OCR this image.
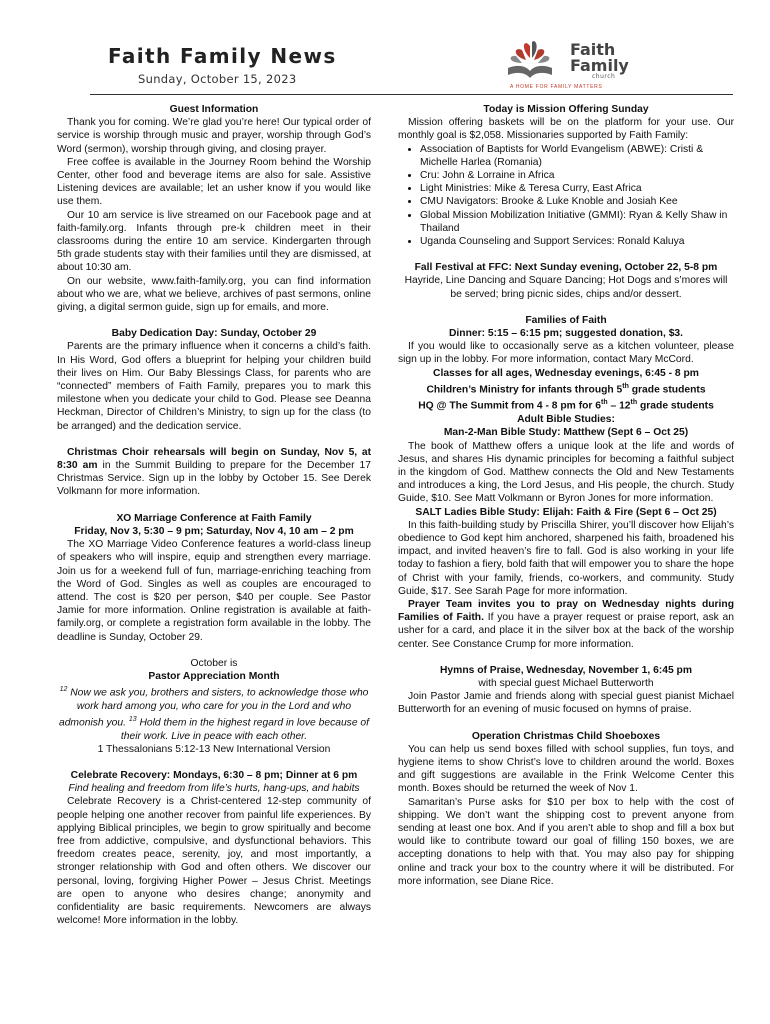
Faith Family News
Sunday, October 15, 2023
Faith
Family
church
A HOME FOR FAMILY MATTERS

Guest Information

Thank you for coming. We’re glad you’re here! Our typical order of service is worship through music and prayer, worship through God’s Word (sermon), worship through giving, and closing prayer.

Free coffee is available in the Journey Room behind the Worship Center, other food and beverage items are also for sale. Assistive Listening devices are available; let an usher know if you would like use them.

Our 10 am service is live streamed on our Facebook page and at faith-family.org. Infants through pre-k children meet in their classrooms during the entire 10 am service. Kindergarten through 5th grade students stay with their families until they are dismissed, at about 10:30 am.

On our website, www.faith-family.org, you can find information about who we are, what we believe, archives of past sermons, online giving, a digital sermon guide, sign up for emails, and more.

Baby Dedication Day: Sunday, October 29

Parents are the primary influence when it concerns a child’s faith. In His Word, God offers a blueprint for helping your children build their lives on Him. Our Baby Blessings Class, for parents who are “connected” members of Faith Family, prepares you to mark this milestone when you dedicate your child to God. Please see Deanna Heckman, Director of Children’s Ministry, to sign up for the class (to be arranged) and the dedication service.

Christmas Choir rehearsals will begin on Sunday, Nov 5, at 8:30 am in the Summit Building to prepare for the December 17 Christmas Service. Sign up in the lobby by October 15. See Derek Volkmann for more information.

XO Marriage Conference at Faith Family

Friday, Nov 3, 5:30 – 9 pm; Saturday, Nov 4, 10 am – 2 pm

The XO Marriage Video Conference features a world-class lineup of speakers who will inspire, equip and strengthen every marriage. Join us for a weekend full of fun, marriage-enriching teaching from the Word of God. Singles as well as couples are encouraged to attend. The cost is $20 per person, $40 per couple. See Pastor Jamie for more information. Online registration is available at faith-family.org, or complete a registration form available in the lobby. The deadline is Sunday, October 29.

October is

Pastor Appreciation Month

$^{12}$ Now we ask you, brothers and sisters, to acknowledge those who work hard among you, who care for you in the Lord and who admonish you. $^{13}$ Hold them in the highest regard in love because of their work. Live in peace with each other.

1 Thessalonians 5:12-13 New International Version

Celebrate Recovery: Mondays, 6:30 – 8 pm; Dinner at 6 pm

Find healing and freedom from life’s hurts, hang-ups, and habits

Celebrate Recovery is a Christ-centered 12-step community of people helping one another recover from painful life experiences. By applying Biblical principles, we begin to grow spiritually and become free from addictive, compulsive, and dysfunctional behaviors. This freedom creates peace, serenity, joy, and most importantly, a stronger relationship with God and often others. We discover our personal, loving, forgiving Higher Power – Jesus Christ. Meetings are open to anyone who desires change; anonymity and confidentiality are basic requirements. Newcomers are always welcome! More information in the lobby.

Today is Mission Offering Sunday

Mission offering baskets will be on the platform for your use. Our monthly goal is $2,058. Missionaries supported by Faith Family:

• Association of Baptists for World Evangelism (ABWE): Cristi & Michelle Harlea (Romania)
• Cru: John & Lorraine in Africa
• Light Ministries: Mike & Teresa Curry, East Africa
• CMU Navigators: Brooke & Luke Knoble and Josiah Kee
• Global Mission Mobilization Initiative (GMMI): Ryan & Kelly Shaw in Thailand
• Uganda Counseling and Support Services: Ronald Kaluya

Fall Festival at FFC: Next Sunday evening, October 22, 5-8 pm

Hayride, Line Dancing and Square Dancing; Hot Dogs and s’mores will be served; bring picnic sides, chips and/or dessert.

Families of Faith

Dinner: 5:15 – 6:15 pm; suggested donation, $3.

If you would like to occasionally serve as a kitchen volunteer, please sign up in the lobby. For more information, contact Mary McCord.

Classes for all ages, Wednesday evenings, 6:45 - 8 pm

Children’s Ministry for infants through 5th grade students

HQ @ The Summit from 4 - 8 pm for 6th – 12th grade students

Adult Bible Studies:

Man-2-Man Bible Study: Matthew (Sept 6 – Oct 25)

The book of Matthew offers a unique look at the life and words of Jesus, and shares His dynamic principles for becoming a faithful subject in the kingdom of God. Matthew connects the Old and New Testaments and introduces a king, the Lord Jesus, and His people, the church. Study Guide, $10. See Matt Volkmann or Byron Jones for more information.

SALT Ladies Bible Study: Elijah: Faith & Fire (Sept 6 – Oct 25)

In this faith-building study by Priscilla Shirer, you’ll discover how Elijah’s obedience to God kept him anchored, sharpened his faith, broadened his impact, and invited heaven’s fire to fall. God is also working in your life today to fashion a fiery, bold faith that will empower you to share the hope of Christ with your family, friends, co-workers, and community. Study Guide, $17. See Sarah Page for more information.

Prayer Team invites you to pray on Wednesday nights during Families of Faith. If you have a prayer request or praise report, ask an usher for a card, and place it in the silver box at the back of the worship center. See Constance Crump for more information.

Hymns of Praise, Wednesday, November 1, 6:45 pm

with special guest Michael Butterworth

Join Pastor Jamie and friends along with special guest pianist Michael Butterworth for an evening of music focused on hymns of praise.

Operation Christmas Child Shoeboxes

You can help us send boxes filled with school supplies, fun toys, and hygiene items to show Christ’s love to children around the world. Boxes and gift suggestions are available in the Frink Welcome Center this month. Boxes should be returned the week of Nov 1.

Samaritan’s Purse asks for $10 per box to help with the cost of shipping. We don’t want the shipping cost to prevent anyone from sending at least one box. And if you aren’t able to shop and fill a box but would like to contribute toward our goal of filling 150 boxes, we are accepting donations to help with that. You may also pay for shipping online and track your box to the country where it will be distributed. For more information, see Diane Rice.
